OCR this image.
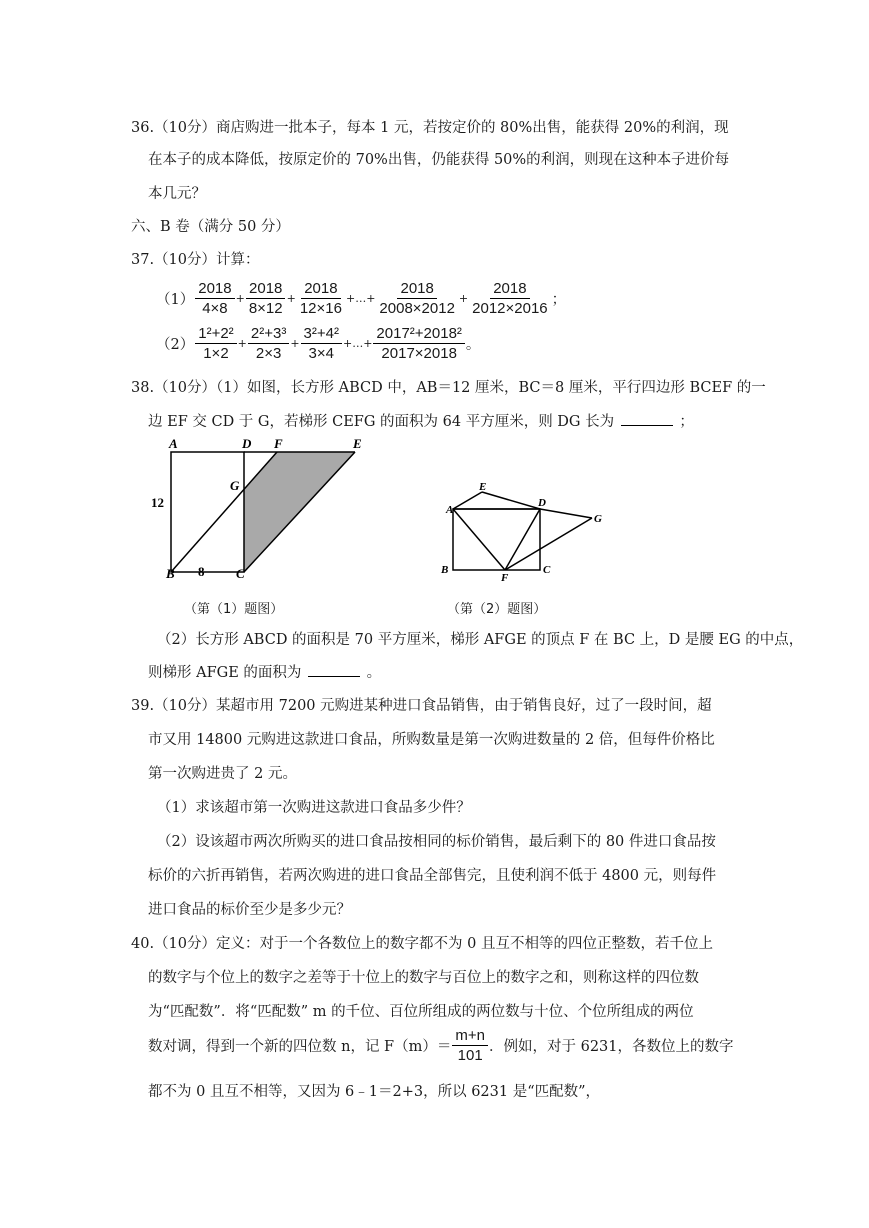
36.（10分）商店购进一批本子，每本 1 元，若按定价的 80%出售，能获得 20%的利润，现
在本子的成本降低，按原定价的 70%出售，仍能获得 50%的利润，则现在这种本子进价每
本几元？
六、B 卷（满分 50 分）
37.（10分）计算：
$(1) \frac{2018}{4\times 8} + \frac{2018}{8\times 12} + \frac{2018}{12\times 16}$ +…+ $\frac{2018}{2008\times 2012} + \frac{2018}{2012\times 2016}$ ；
$(2) \frac{\text{1²+2²}}{1\times 2} + \frac{\text{2²+3³}}{2\times 3} + \frac{\text{3²+4²}}{3\times 4}$ +…+ $\frac{\text{2017²+2018²}}{2017\times 2018}$ 。
38.（10分）（1）如图，长方形 ABCD 中，AB＝12 厘米，BC＝8 厘米，平行四边形 BCEF 的一
边 EF 交 CD 于 G，若梯形 CEFG 的面积为 64 平方厘米，则 DG 长为	；
A	D F	E
G
B	C
12
8
A
E
D
G
B
F
C
（第（1）题图）	（第（2）题图）
（2）长方形 ABCD 的面积是 70 平方厘米，梯形 AFGE 的顶点 F 在 BC 上，D 是腰 EG 的中点，
则梯形 AFGE 的面积为	。
39.（10分）某超市用 7200 元购进某种进口食品销售，由于销售良好，过了一段时间，超
市又用 14800 元购进这款进口食品，所购数量是第一次购进数量的 2 倍，但每件价格比
第一次购进贵了 2 元。
（1）求该超市第一次购进这款进口食品多少件？
（2）设该超市两次所购买的进口食品按相同的标价销售，最后剩下的 80 件进口食品按
标价的六折再销售，若两次购进的进口食品全部售完，且使利润不低于 4800 元，则每件
进口食品的标价至少是多少元？
40.（10分）定义：对于一个各数位上的数字都不为 0 且互不相等的四位正整数，若千位上
的数字与个位上的数字之差等于十位上的数字与百位上的数字之和，则称这样的四位数
为“匹配数”．将“匹配数” m 的千位、百位所组成的两位数与十位、个位所组成的两位
数对调，得到一个新的四位数 n，记 $F(m)= \frac{m+n}{101}$ ．例如，对于 6231，各数位上的数字
都不为 0 且互不相等，又因为 6﹣1＝2+3，所以 6231 是“匹配数”，
